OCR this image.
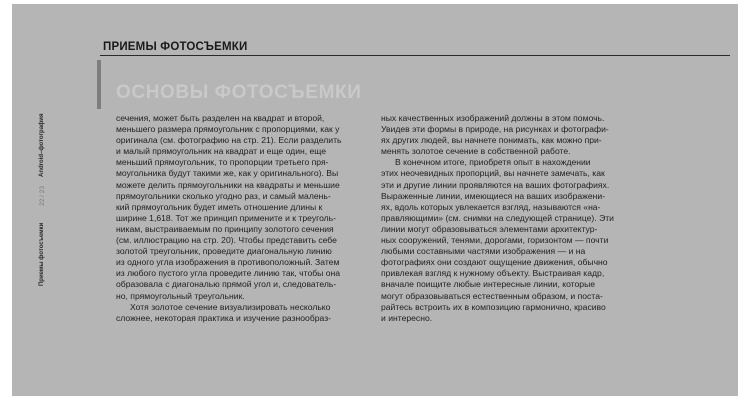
ПРИЕМЫ ФОТОСЪЕМКИ
ОСНОВЫ ФОТОСЪЕМКИ
Android–фотография
22 / 23
Приемы фотосъемки
сечения, может быть разделен на квадрат и второй,
меньшего размера прямоугольник с пропорциями, как у
оригинала (см. фотографию на стр. 21). Если разделить
и малый прямоугольник на квадрат и еще один, еще
меньший прямоугольник, то пропорции третьего пря-
моугольника будут такими же, как у оригинального). Вы
можете делить прямоугольники на квадраты и меньшие
прямоугольники сколько угодно раз, и самый малень-
кий прямоугольник будет иметь отношение длины к
ширине 1,618. Тот же принцип примените и к треуголь-
никам, выстраиваемым по принципу золотого сечения
(см. иллюстрацию на стр. 20). Чтобы представить себе
золотой треугольник, проведите диагональную линию
из одного угла изображения в противоположный. Затем
из любого пустого угла проведите линию так, чтобы она
образовала с диагональю прямой угол и, следователь-
но, прямоугольный треугольник.
Хотя золотое сечение визуализировать несколько
сложнее, некоторая практика и изучение разнообраз-
ных качественных изображений должны в этом помочь.
Увидев эти формы в природе, на рисунках и фотографи-
ях других людей, вы начнете понимать, как можно при-
менять золотое сечение в собственной работе.
В конечном итоге, приобретя опыт в нахождении
этих неочевидных пропорций, вы начнете замечать, как
эти и другие линии проявляются на ваших фотографиях.
Выраженные линии, имеющиеся на ваших изображени-
ях, вдоль которых увлекается взгляд, называются «на-
правляющими» (см. снимки на следующей странице). Эти
линии могут образовываться элементами архитектур-
ных сооружений, тенями, дорогами, горизонтом — почти
любыми составными частями изображения — и на
фотографиях они создают ощущение движения, обычно
привлекая взгляд к нужному объекту. Выстраивая кадр,
вначале поищите любые интересные линии, которые
могут образовываться естественным образом, и постa-
райтесь встроить их в композицию гармонично, красиво
и интересно.
